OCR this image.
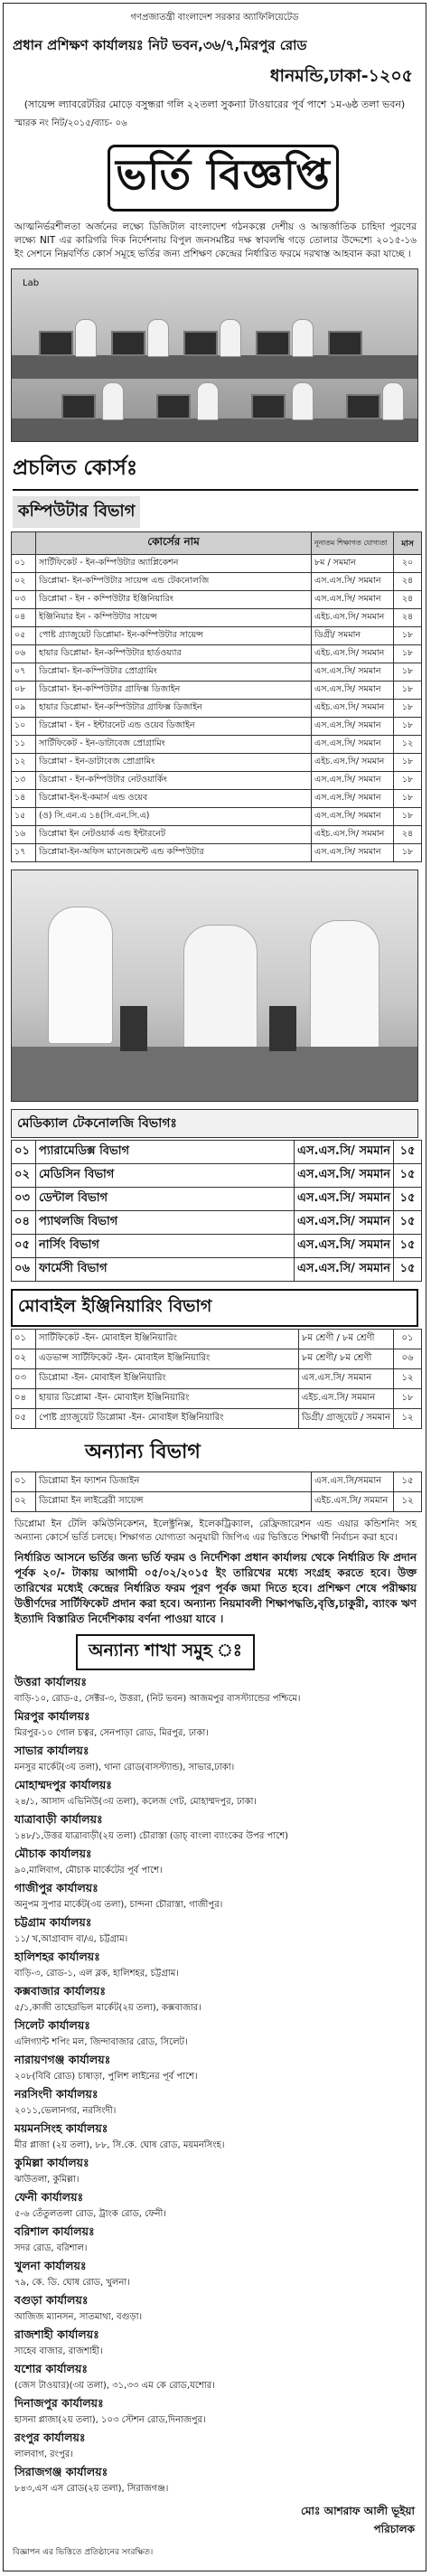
গণপ্রজাতন্ত্রী বাংলাদেশ সরকার অ্যাফিলিয়েটেড
প্রধান প্রশিক্ষণ কার্যালয়ঃ নিট ভবন,৩৬/৭,মিরপুর রোড
ধানমন্ডি,ঢাকা-১২০৫
(সায়েন্স ল্যাবরেটরির মোড়ে বসুন্ধরা গলি ২২তলা সুকন্যা টাওয়ারের পূর্ব পাশে ১ম-৬ষ্ঠ তলা ভবন)
স্মারক নং নিট/২০১৫/ব্যাচ- ০৬
ভর্তি বিজ্ঞপ্তি
আত্মনির্ভরশীলতা অর্জনের লক্ষ্যে ডিজিটাল বাংলাদেশ গঠনকল্পে দেশীয় ও আন্তর্জাতিক চাহিদা পূরণের লক্ষ্যে NIT এর কারিগরি দিক নির্দেশনায় বিপুল জনসমষ্টির দক্ষ স্বাবলম্বি গড়ে তোলার উদ্দেশ্যে ২০১৫-১৬ ইং সেশনে নিম্নবর্ণিত কোর্স সমূহে ভর্তির জন্য প্রশিক্ষণ কেন্দ্রের নির্ধারিত ফরমে দরখাস্ত আহবান করা যাচ্ছে ।
Lab
প্রচলিত কোর্সঃ
কম্পিউটার বিভাগ
	কোর্সের নাম	নূন্যতম শিক্ষাগত যোগ্যতা	মাস
০১	সার্টিফিকেট - ইন-কম্পিউটার অ্যাপ্লিকেশন	৮ম / সমমান	২০
০২	ডিপ্লোমা- ইন-কম্পিউটার সায়েন্স এন্ড টেকনোলজি	এস.এস.সি/ সমমান	২৪
০৩	ডিপ্লোমা - ইন - কম্পিউটার ইঞ্জিনিয়ারিং	এস.এস.সি/ সমমান	২৪
০৪	ইঞ্জিনিয়ার ইন - কম্পিউটার সায়েন্স	এইচ.এস.সি/ সমমান	২৪
০৫	পোষ্ট গ্র্যাজুয়েট ডিপ্লোমা- ইন-কম্পিউটার সায়েন্স	ডিগ্রী/ সমমান	১৮
০৬	হায়ার ডিপ্লোমা- ইন-কম্পিউটার হার্ডওয়্যার	এইচ.এস.সি/ সমমান	১৮
০৭	ডিপ্লোমা- ইন-কম্পিউটার প্রোগ্রামিং	এস.এস.সি/ সমমান	১৮
০৮	ডিপ্লোমা- ইন-কম্পিউটার গ্রাফিক্স ডিজাইন	এস.এস.সি/ সমমান	১৮
০৯	হায়ার ডিপ্লোমা- ইন-কম্পিউটার গ্রাফিক্স ডিজাইন	এইচ.এস.সি/ সমমান	১৮
১০	ডিপ্লোমা - ইন - ইন্টারনেট এন্ড ওয়েব ডিজাইন	এস.এস.সি/ সমমান	১৮
১১	সার্টিফিকেট - ইন-ডাটাবেজ প্রোগ্রামিং	এস.এস.সি/ সমমান	১২
১২	ডিপ্লোমা - ইন-ডাটাবেজ প্রোগ্রামিং	এইচ.এস.সি/ সমমান	১৮
১৩	ডিপ্লোমা - ইন-কম্পিউটার নেটওয়ার্কিং	এস.এস.সি/ সমমান	১৮
১৪	ডিপ্লোমা-ইন-ই-কমার্স এন্ড ওয়েব	এস.এস.সি/ সমমান	১৮
১৫	(ও) সি.এন.এ ১৪(সি.এন.সি.এ)	এস.এস.সি/ সমমান	১৮
১৬	ডিপ্লোমা ইন নেটওয়ার্ক এন্ড ইন্টারনেট	এইচ.এস.সি/ সমমান	২৪
১৭	ডিপ্লোমা-ইন-অফিস ম্যানেজমেন্ট এন্ড কম্পিউটার	এস.এস.সি/ সমমান	১৮
মেডিক্যাল টেকনোলজি বিভাগঃ
০১	প্যারামেডিক্স বিভাগ	এস.এস.সি/ সমমান	১৫
০২	মেডিসিন বিভাগ	এস.এস.সি/ সমমান	১৫
০৩	ডেন্টাল বিভাগ	এস.এস.সি/ সমমান	১৫
০৪	প্যাথলজি বিভাগ	এস.এস.সি/ সমমান	১৫
০৫	নার্সিং বিভাগ	এস.এস.সি/ সমমান	১৫
০৬	ফার্মেসী বিভাগ	এস.এস.সি/ সমমান	১৫
মোবাইল ইঞ্জিনিয়ারিং বিভাগ
০১	সার্টিফিকেট -ইন- মোবাইল ইঞ্জিনিয়ারিং	৮ম শ্রেণী / ৮ম শ্রেণী	০১
০২	এডভান্স সার্টিফিকেট -ইন- মোবাইল ইঞ্জিনিয়ারিং	৮ম শ্রেণী/ ৮ম শ্রেণী	০৬
০৩	ডিপ্লোমা -ইন- মোবাইল ইঞ্জিনিয়ারিং	এস.এস.সি/ সমমান	১২
০৪	হায়ার ডিপ্লোমা -ইন- মোবাইল ইঞ্জিনিয়ারিং	এইচ.এস.সি/ সমমান	১৮
০৫	পোষ্ট গ্র্যাজুয়েট ডিপ্লোমা -ইন- মোবাইল ইঞ্জিনিয়ারিং	ডিগ্রী/ গ্রাজুয়েট / সমমান	১২
অন্যান্য বিভাগ
০১	ডিপ্লোমা ইন ফ্যাশন ডিজাইন	এস.এস.সি/সমমান	১৫
০২	ডিপ্লোমা ইন লাইব্রেরী সায়েন্স	এইচ.এস.সি/ সমমান	১২
ডিপ্লোমা ইন টেলি কমিউনিকেশন, ইলেক্ট্রনিক্স, ইলেকট্রিক্যাল, রেফ্রিজারেশন এন্ড এয়ার কন্ডিশনিং সহ অন্যান্য কোর্সে ভর্তি চলছে। শিক্ষাগত যোগ্যতা অনুযায়ী জিপিএ এর ভিত্তিতে শিক্ষার্থী নির্বাচন করা হবে।
নির্ধারিত আসনে ভর্তির জন্য ভর্তি ফরম ও নির্দেশিকা প্রধান কার্যালয় থেকে নির্ধারিত ফি প্রদান পূর্বক ২০/- টাকায় আগামী ০৫/০২/২০১৫ ইং তারিখের মধ্যে সংগ্রহ করতে হবে। উক্ত তারিখের মধ্যেই কেন্দ্রের নির্ধারিত ফরম পূরণ পূর্বক জমা দিতে হবে। প্রশিক্ষণ শেষে পরীক্ষায় উত্তীর্ণদের সার্টিফিকেট প্রদান করা হবে। অন্যান্য নিয়মাবলী শিক্ষাপদ্ধতি,বৃত্তি,চাকুরী, ব্যাংক ঋণ ইত্যাদি বিস্তারিত নির্দেশিকায় বর্ণনা পাওয়া যাবে ।
অন্যান্য শাখা সমুহ ঃ
উত্তরা কার্যালয়ঃ
বাড়ি-১০, রোড-৫, সেক্টর-৩, উত্তরা, (নিট ভবন) আজমপুর বাসস্ট্যান্ডের পশ্চিমে।
মিরপুর কার্যালয়ঃ
মিরপুর-১০ গোল চত্বর, সেনপাড়া রোড, মিরপুর, ঢাকা।
সাভার কার্যালয়ঃ
মনসুর মার্কেট(৩য় তলা), থানা রোড(বাসস্ট্যান্ড), সাভার,ঢাকা।
মোহাম্মদপুর কার্যালয়ঃ
২৪/১, আসাদ এভিনিউ(৩য় তলা), কলেজ গেট, মোহাম্মদপুর, ঢাকা।
যাত্রাবাড়ী কার্যালয়ঃ
১৪৮/১,উত্তর যাত্রাবাড়ী(২য় তলা) চৌরাস্তা (ডাচ্ বাংলা ব্যাংকের উপর পাশে)
মৌচাক কার্যালয়ঃ
৯০,মালিবাগ, মৌচাক মার্কেটের পূর্ব পাশে।
গাজীপুর কার্যালয়ঃ
অনুপম সুপার মার্কেট(৩য় তলা), চান্দনা চৌরাস্তা, গাজীপুর।
চট্টগ্রাম কার্যালয়ঃ
১১/ খ,আগ্রাবাদ বা/এ, চট্টগ্রাম।
হালিশহর কার্যালয়ঃ
বাড়ি-৩, রোড-১, এল ব্লক, হালিশহর, চট্টগ্রাম।
কক্সবাজার কার্যালয়ঃ
৫/১,কাজী তাহেরভিল মার্কেট(২য় তলা), কক্সবাজার।
সিলেট কার্যালয়ঃ
এলিগ্যান্ট শপিং মল, জিন্দাবাজার রোড, সিলেট।
নারায়ণগঞ্জ কার্যালয়ঃ
২০৮(বিবি রোড) চাষাড়া, পুলিশ লাইনের পূর্ব পাশে।
নরসিংদী কার্যালয়ঃ
২০১১,ভেলানগর, নরসিংদী।
ময়মনসিংহ কার্যালয়ঃ
মীর প্লাজা (২য় তলা), ৮৮, সি.কে. ঘোষ রোড, ময়মনসিংহ।
কুমিল্লা কার্যালয়ঃ
ঝাউতলা, কুমিল্লা।
ফেনী কার্যালয়ঃ
৫-৬ তেঁতুলতলা রোড, ট্রাংক রোড, ফেনী।
বরিশাল কার্যালয়ঃ
সদর রোড, বরিশাল।
খুলনা কার্যালয়ঃ
৭৯, কে. ডি. ঘোষ রোড, খুলনা।
বগুড়া কার্যালয়ঃ
আজিজ ম্যানসন, সাতমাথা, বগুড়া।
রাজশাহী কার্যালয়ঃ
সাহেব বাজার, রাজশাহী।
যশোর কার্যালয়ঃ
(জেস টাওয়ার)(৩য় তলা), ৩১,৩৩ এম কে রোড,যশোর।
দিনাজপুর কার্যালয়ঃ
হাসনা প্লাজা(২য় তলা), ১০৩ স্টেশন রোড,দিনাজপুর।
রংপুর কার্যালয়ঃ
লালবাগ, রংপুর।
সিরাজগঞ্জ কার্যালয়ঃ
৮৪৩,এস এস রোড(২য় তলা), সিরাজগঞ্জ।
মোঃ আশরাফ আলী ভূইয়া
পরিচালক
বিজ্ঞাপন এর ভিত্তিতে প্রতিষ্ঠানের সংরক্ষিত।
